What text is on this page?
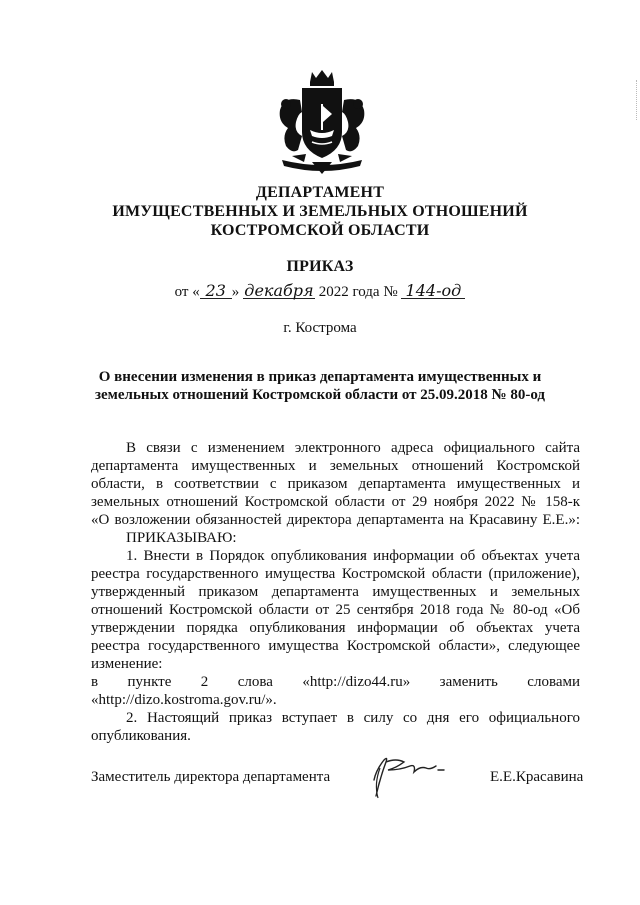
ДЕПАРТАМЕНТ
ИМУЩЕСТВЕННЫХ И ЗЕМЕЛЬНЫХ ОТНОШЕНИЙ
КОСТРОМСКОЙ ОБЛАСТИ
ПРИКАЗ
от « 23 » декабря 2022 года № 144-од
г. Кострома
О внесении изменения в приказ департамента имущественных и
земельных отношений Костромской области от 25.09.2018 № 80-од
В связи с изменением электронного адреса официального сайта
департамента имущественных и земельных отношений Костромской
области, в соответствии с приказом департамента имущественных и
земельных отношений Костромской области от 29 ноября 2022 № 158-к
«О возложении обязанностей директора департамента на Красавину Е.Е.»:
ПРИКАЗЫВАЮ:
1. Внести в Порядок опубликования информации об объектах учета
реестра государственного имущества Костромской области (приложение),
утвержденный приказом департамента имущественных и земельных
отношений Костромской области от 25 сентября 2018 года № 80-од «Об
утверждении порядка опубликования информации об объектах учета
реестра государственного имущества Костромской области», следующее
изменение:
в пункте 2 слова «http://dizo44.ru» заменить словами
«http://dizo.kostroma.gov.ru/».
2. Настоящий приказ вступает в силу со дня его официального
опубликования.
Заместитель директора департамента	Е.Е.Красавина
